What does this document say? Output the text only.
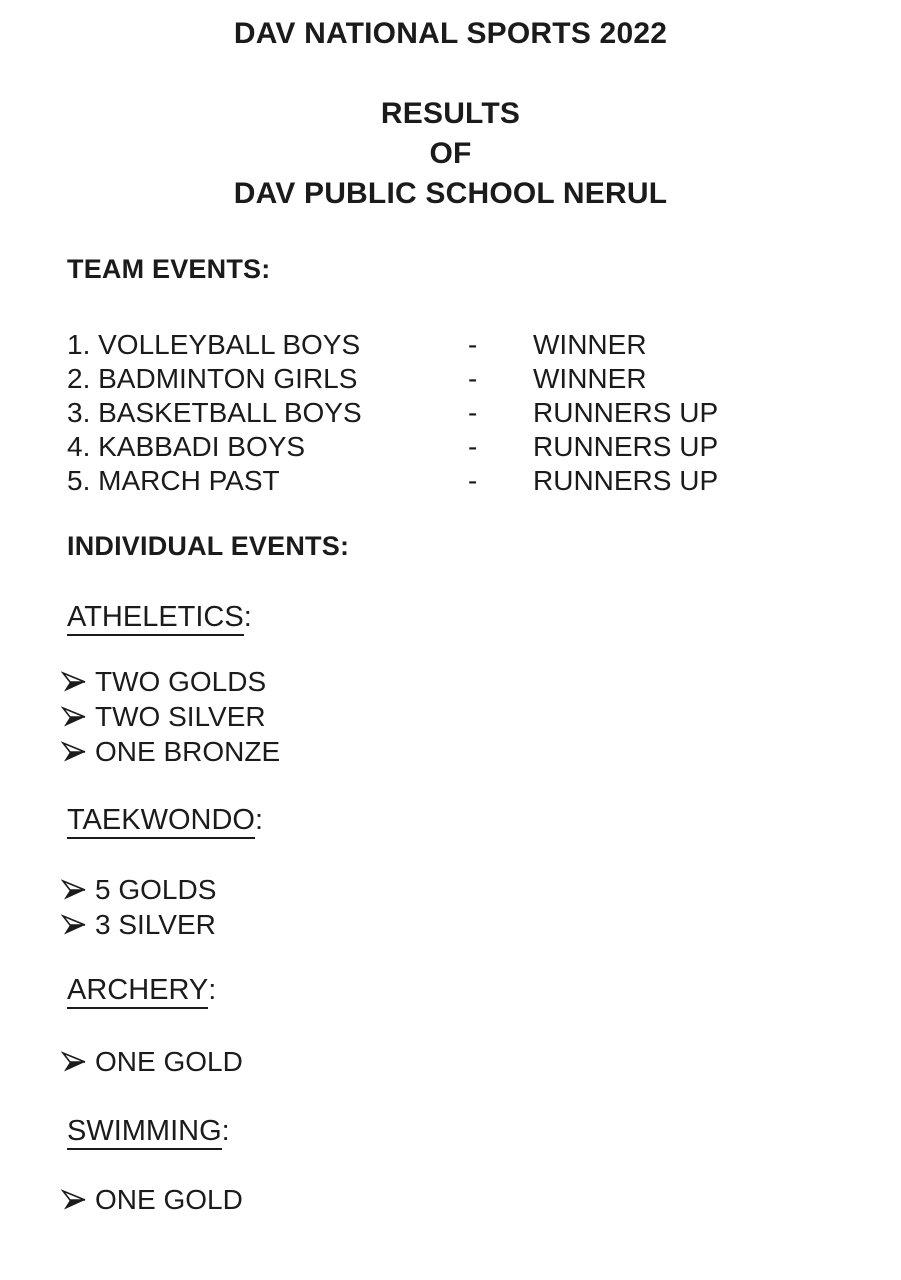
DAV NATIONAL SPORTS 2022
RESULTS
OF
DAV PUBLIC SCHOOL NERUL
TEAM EVENTS:
1. VOLLEYBALL BOYS	-	WINNER
2. BADMINTON GIRLS	-	WINNER
3. BASKETBALL BOYS	-	RUNNERS UP
4. KABBADI BOYS	-	RUNNERS UP
5. MARCH PAST	-	RUNNERS UP
INDIVIDUAL EVENTS:
ATHELETICS:
TWO GOLDS
TWO SILVER
ONE BRONZE
TAEKWONDO:
5 GOLDS
3 SILVER
ARCHERY:
ONE GOLD
SWIMMING:
ONE GOLD
